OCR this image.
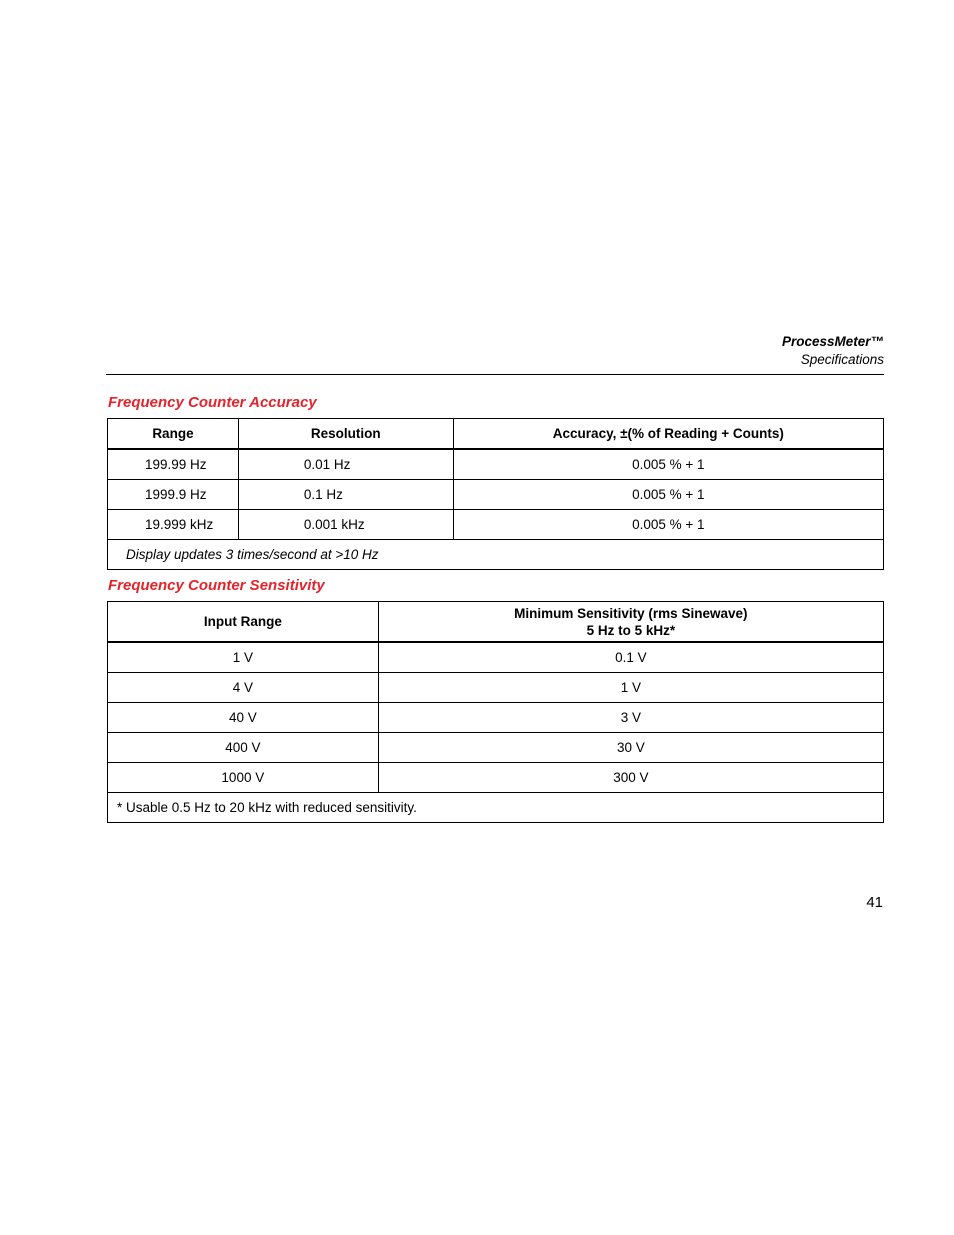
ProcessMeter™
Specifications
Frequency Counter Accuracy
Range	Resolution	Accuracy, ±(% of Reading + Counts)
199.99 Hz	0.01 Hz	0.005 % + 1
1999.9 Hz	0.1 Hz	0.005 % + 1
19.999 kHz	0.001 kHz	0.005 % + 1
Display updates 3 times/second at >10 Hz		
Frequency Counter Sensitivity
Input Range	Minimum Sensitivity (rms Sinewave)
5 Hz to 5 kHz*

1 V	0.1 V
4 V	1 V
40 V	3 V
400 V	30 V
1000 V	300 V
* Usable 0.5 Hz to 20 kHz with reduced sensitivity.	
41
